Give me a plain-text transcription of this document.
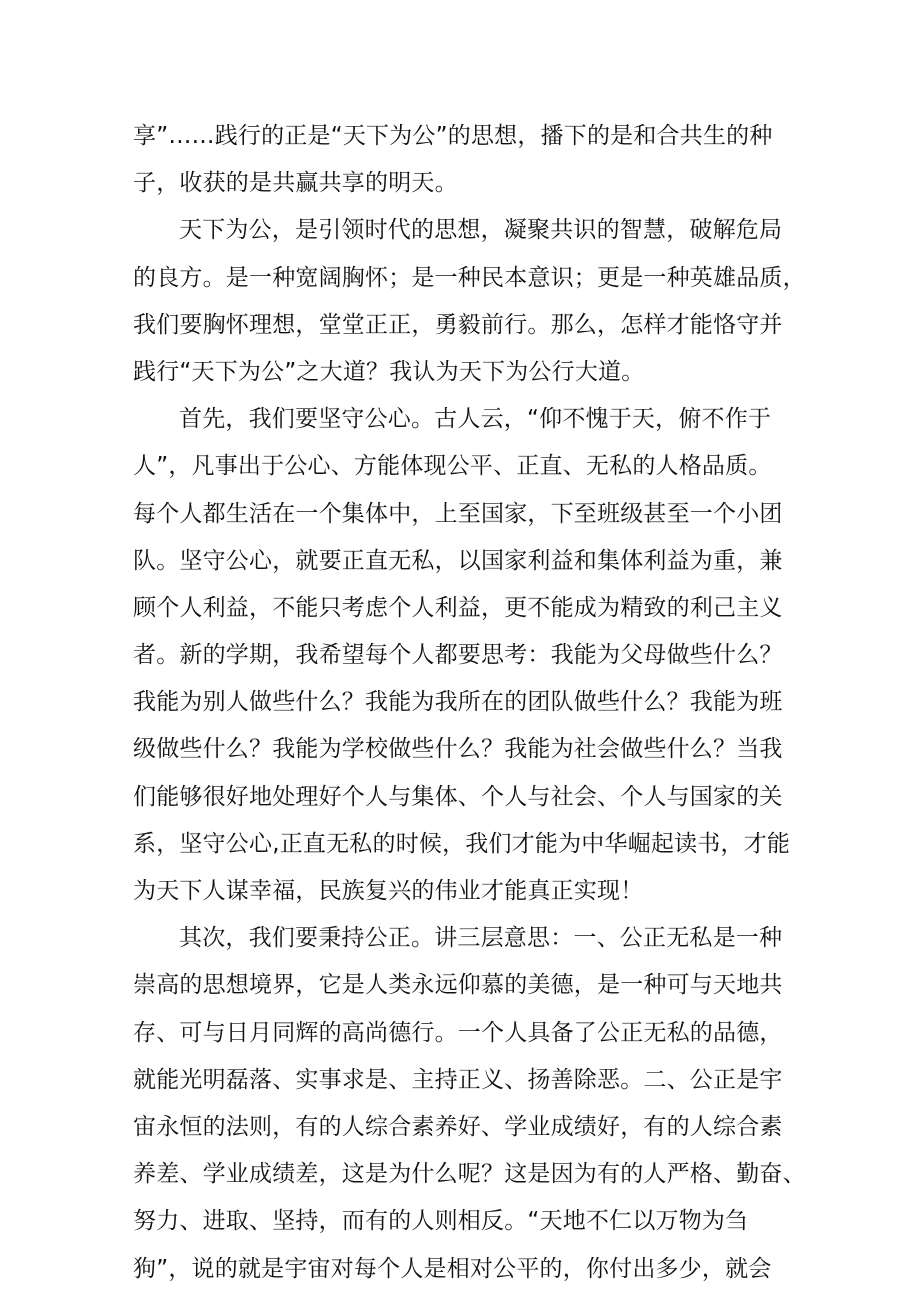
享”……践行的正是“天下为公”的思想，播下的是和合共生的种
子，收获的是共赢共享的明天。
天下为公，是引领时代的思想，凝聚共识的智慧，破解危局
的良方。是一种宽阔胸怀；是一种民本意识；更是一种英雄品质，
我们要胸怀理想，堂堂正正，勇毅前行。那么，怎样才能恪守并
践行“天下为公”之大道？我认为天下为公行大道。
首先，我们要坚守公心。古人云，“仰不愧于天，俯不作于
人”，凡事出于公心、方能体现公平、正直、无私的人格品质。
每个人都生活在一个集体中，上至国家，下至班级甚至一个小团
队。坚守公心，就要正直无私，以国家利益和集体利益为重，兼
顾个人利益，不能只考虑个人利益，更不能成为精致的利己主义
者。新的学期，我希望每个人都要思考：我能为父母做些什么？
我能为别人做些什么？我能为我所在的团队做些什么？我能为班
级做些什么？我能为学校做些什么？我能为社会做些什么？当我
们能够很好地处理好个人与集体、个人与社会、个人与国家的关
系，坚守公心,正直无私的时候，我们才能为中华崛起读书，才能
为天下人谋幸福，民族复兴的伟业才能真正实现！
其次，我们要秉持公正。讲三层意思：一、公正无私是一种
崇高的思想境界，它是人类永远仰慕的美德，是一种可与天地共
存、可与日月同辉的高尚德行。一个人具备了公正无私的品德，
就能光明磊落、实事求是、主持正义、扬善除恶。二、公正是宇
宙永恒的法则，有的人综合素养好、学业成绩好，有的人综合素
养差、学业成绩差，这是为什么呢？这是因为有的人严格、勤奋、
努力、进取、坚持，而有的人则相反。“天地不仁以万物为刍
狗”，说的就是宇宙对每个人是相对公平的，你付出多少，就会
